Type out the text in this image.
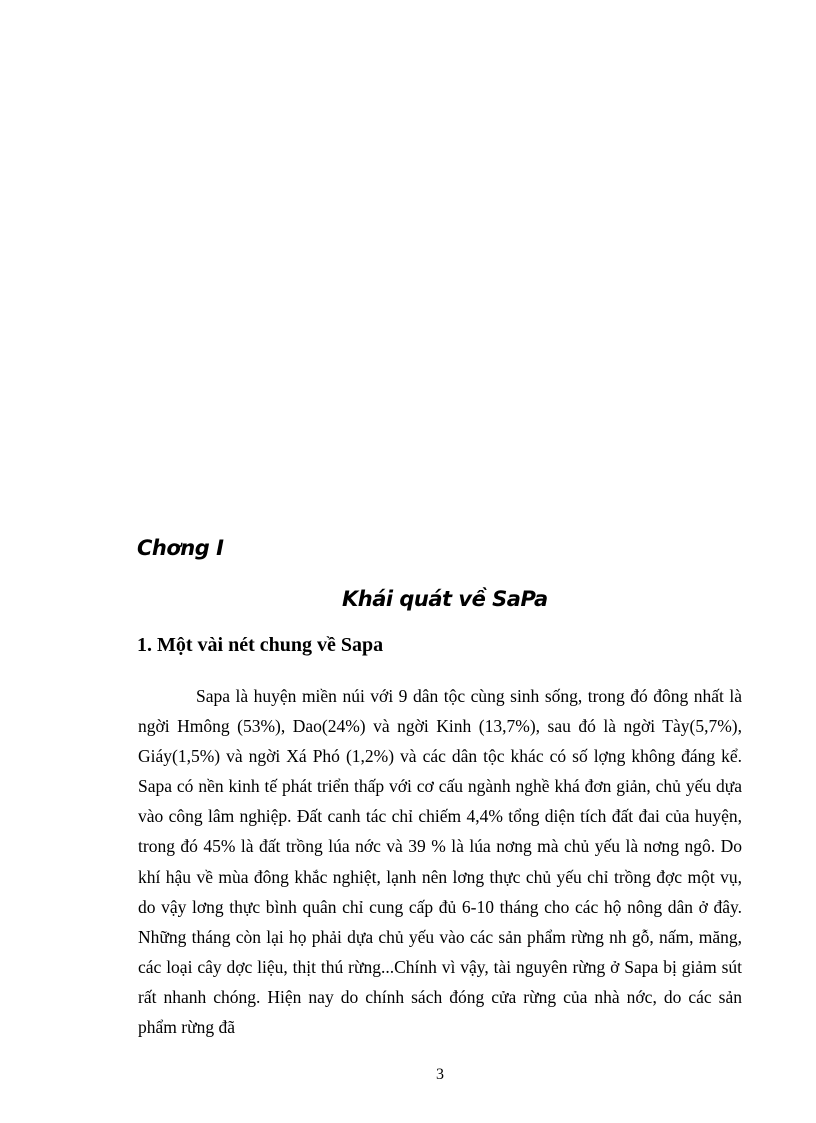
Chơng I
Khái quát về SaPa
1. Một vài nét chung về Sapa

Sapa là huyện miền núi với 9 dân tộc cùng sinh sống, trong đó đông nhất là ngời Hmông (53%), Dao(24%) và ngời Kinh (13,7%), sau đó là ngời Tày(5,7%), Giáy(1,5%) và ngời Xá Phó (1,2%) và các dân tộc khác có số lợng không đáng kể. Sapa có nền kinh tế phát triển thấp với cơ cấu ngành nghề khá đơn giản, chủ yếu dựa vào công lâm nghiệp. Đất canh tác chỉ chiếm 4,4% tổng diện tích đất đai của huyện, trong đó 45% là đất trồng lúa nớc và 39 % là lúa nơng mà chủ yếu là nơng ngô. Do khí hậu về mùa đông khắc nghiệt, lạnh nên lơng thực chủ yếu chỉ trồng đợc một vụ, do vậy lơng thực bình quân chỉ cung cấp đủ 6-10 tháng cho các hộ nông dân ở đây. Những tháng còn lại họ phải dựa chủ yếu vào các sản phẩm rừng nh gỗ, nấm, măng, các loại cây dợc liệu, thịt thú rừng...Chính vì vậy, tài nguyên rừng ở Sapa bị giảm sút rất nhanh chóng. Hiện nay do chính sách đóng cửa rừng của nhà nớc, do các sản phẩm rừng đã

3
